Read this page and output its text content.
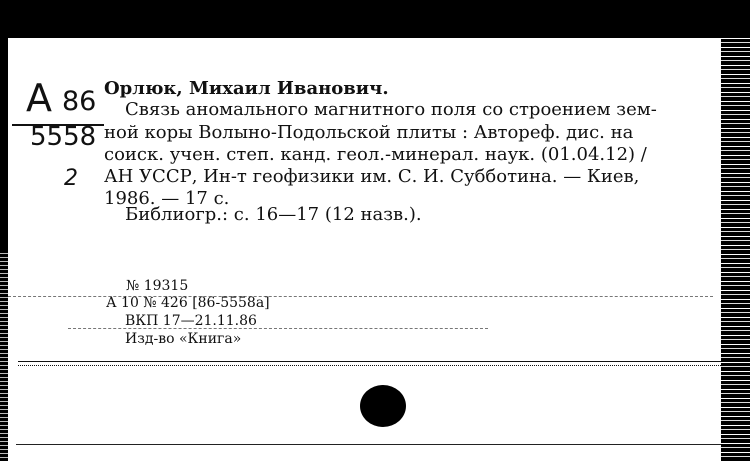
А 86
5558
2
Орлюк, Михаил Иванович.
Связь аномального магнитного поля со строением зем-
ной коры Волыно-Подольской плиты : Автореф. дис. на
соиск. учен. степ. канд. геол.-минерал. наук. (01.04.12) /
АН УССР, Ин-т геофизики им. С. И. Субботина. — Киев,
1986. — 17 с.
Библиогр.: с. 16—17 (12 назв.).
№ 19315
А 10 № 426 [86-5558а]
ВКП 17—21.11.86
Изд-во «Книга»
